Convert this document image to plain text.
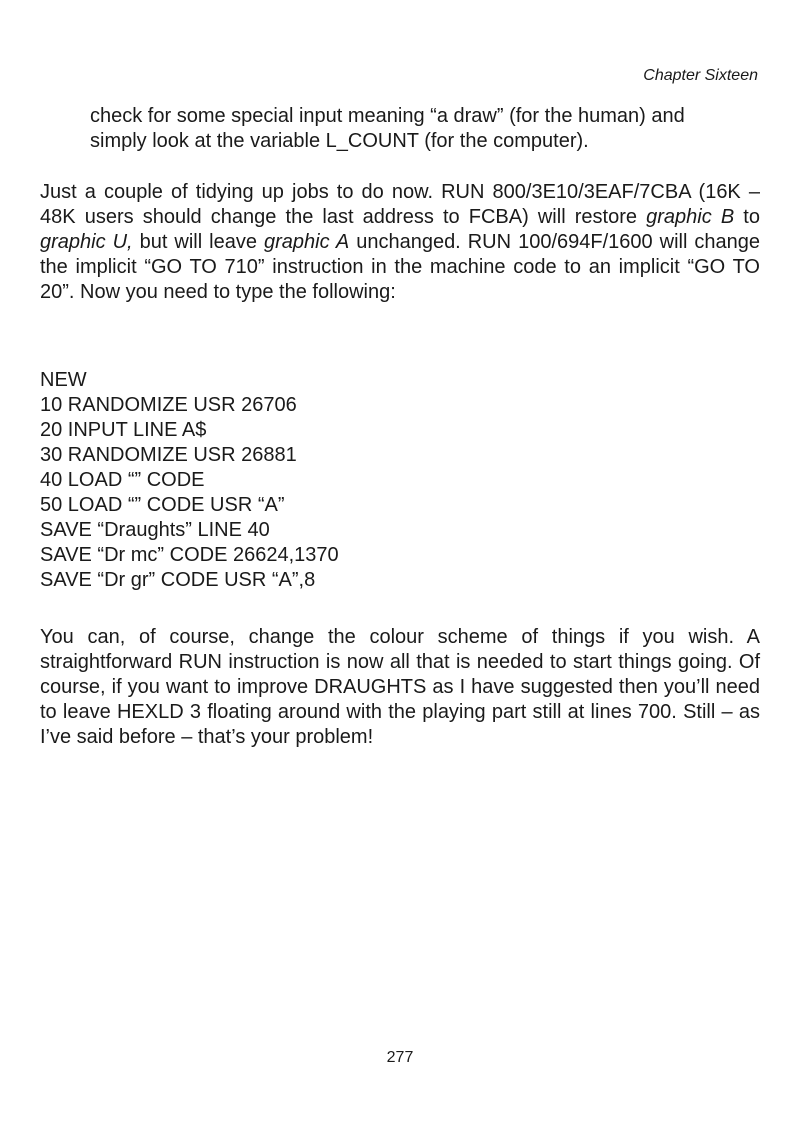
Chapter Sixteen

check for some special input meaning “a draw” (for the human) and

simply look at the variable L_COUNT (for the computer).

Just a couple of tidying up jobs to do now. RUN 800/3E10/3EAF/7CBA (16K – 48K users should change the last address to FCBA) will restore graphic B to graphic U, but will leave graphic A unchanged. RUN 100/694F/1600 will change the implicit “GO TO 710” instruction in the machine code to an implicit “GO TO 20”. Now you need to type the following:

NEW
10 RANDOMIZE USR 26706
20 INPUT LINE A$
30 RANDOMIZE USR 26881
40 LOAD “” CODE
50 LOAD “” CODE USR “A”
SAVE “Draughts” LINE 40
SAVE “Dr mc” CODE 26624,1370
SAVE “Dr gr” CODE USR “A”,8

You can, of course, change the colour scheme of things if you wish. A straightforward RUN instruction is now all that is needed to start things going. Of course, if you want to improve DRAUGHTS as I have suggested then you’ll need to leave HEXLD 3 floating around with the playing part still at lines 700. Still – as I’ve said before – that’s your problem!

277
